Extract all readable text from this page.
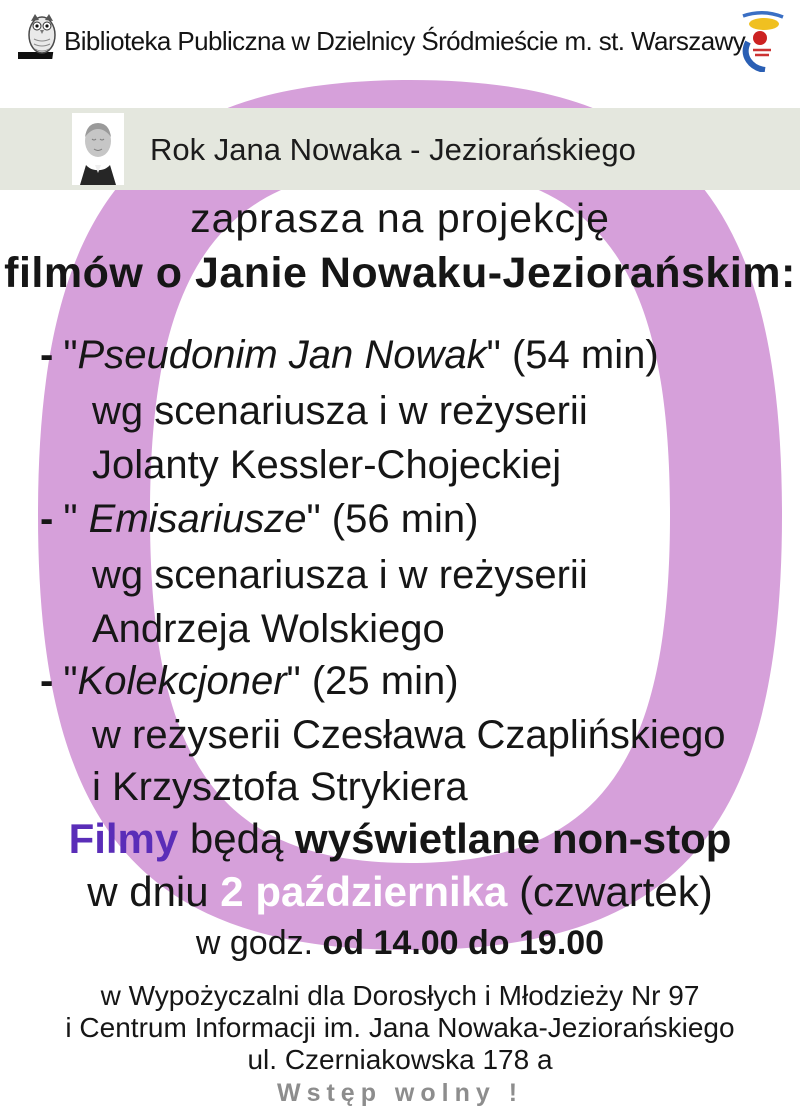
Biblioteka Publiczna w Dzielnicy Śródmieście m. st. Warszawy
Rok Jana Nowaka - Jeziorańskiego
zaprasza na projekcję
filmów o Janie Nowaku-Jeziorańskim:
- "Pseudonim Jan Nowak" (54 min)
wg scenariusza i w reżyserii
Jolanty Kessler-Chojeckiej
- " Emisariusze" (56 min)
wg scenariusza i w reżyserii
Andrzeja Wolskiego
- "Kolekcjoner" (25 min)
w reżyserii Czesława Czaplińskiego
i Krzysztofa Strykiera
Filmy będą wyświetlane non-stop
w dniu 2 października (czwartek)
w godz. od 14.00 do 19.00
w Wypożyczalni dla Dorosłych i Młodzieży Nr 97
i Centrum Informacji im. Jana Nowaka-Jeziorańskiego
ul. Czerniakowska 178 a
Wstęp wolny !
